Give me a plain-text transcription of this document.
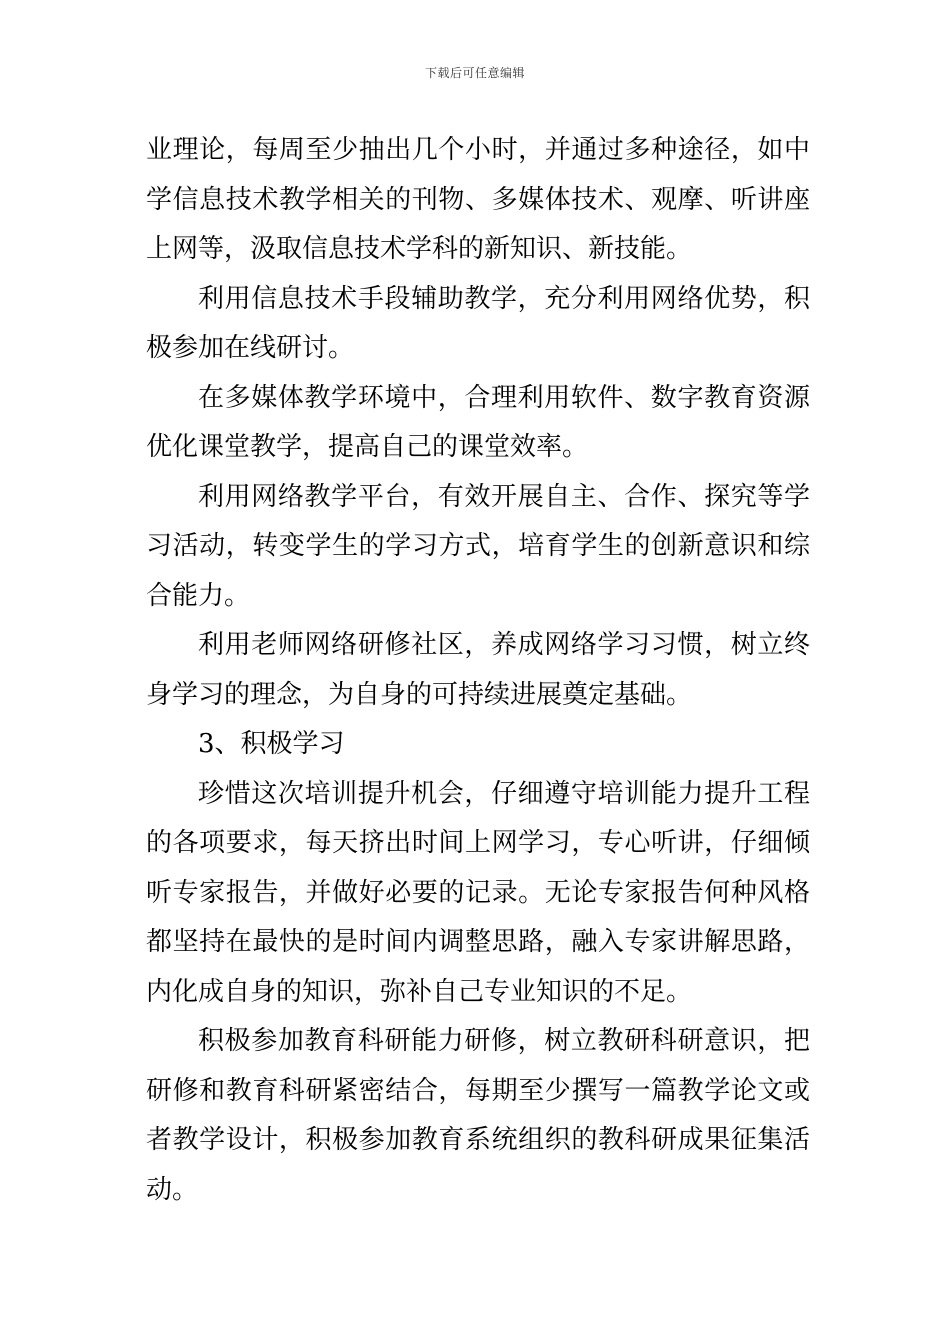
下载后可任意编辑

业理论，每周至少抽出几个小时，并通过多种途径，如中学信息技术教学相关的刊物、多媒体技术、观摩、听讲座上网等，汲取信息技术学科的新知识、新技能。

利用信息技术手段辅助教学，充分利用网络优势，积极参加在线研讨。

在多媒体教学环境中，合理利用软件、数字教育资源优化课堂教学，提高自己的课堂效率。

利用网络教学平台，有效开展自主、合作、探究等学习活动，转变学生的学习方式，培育学生的创新意识和综合能力。

利用老师网络研修社区，养成网络学习习惯，树立终身学习的理念，为自身的可持续进展奠定基础。

3、积极学习

珍惜这次培训提升机会，仔细遵守培训能力提升工程的各项要求，每天挤出时间上网学习，专心听讲，仔细倾听专家报告，并做好必要的记录。无论专家报告何种风格都坚持在最快的是时间内调整思路，融入专家讲解思路，内化成自身的知识，弥补自己专业知识的不足。

积极参加教育科研能力研修，树立教研科研意识，把研修和教育科研紧密结合，每期至少撰写一篇教学论文或者教学设计，积极参加教育系统组织的教科研成果征集活动。
